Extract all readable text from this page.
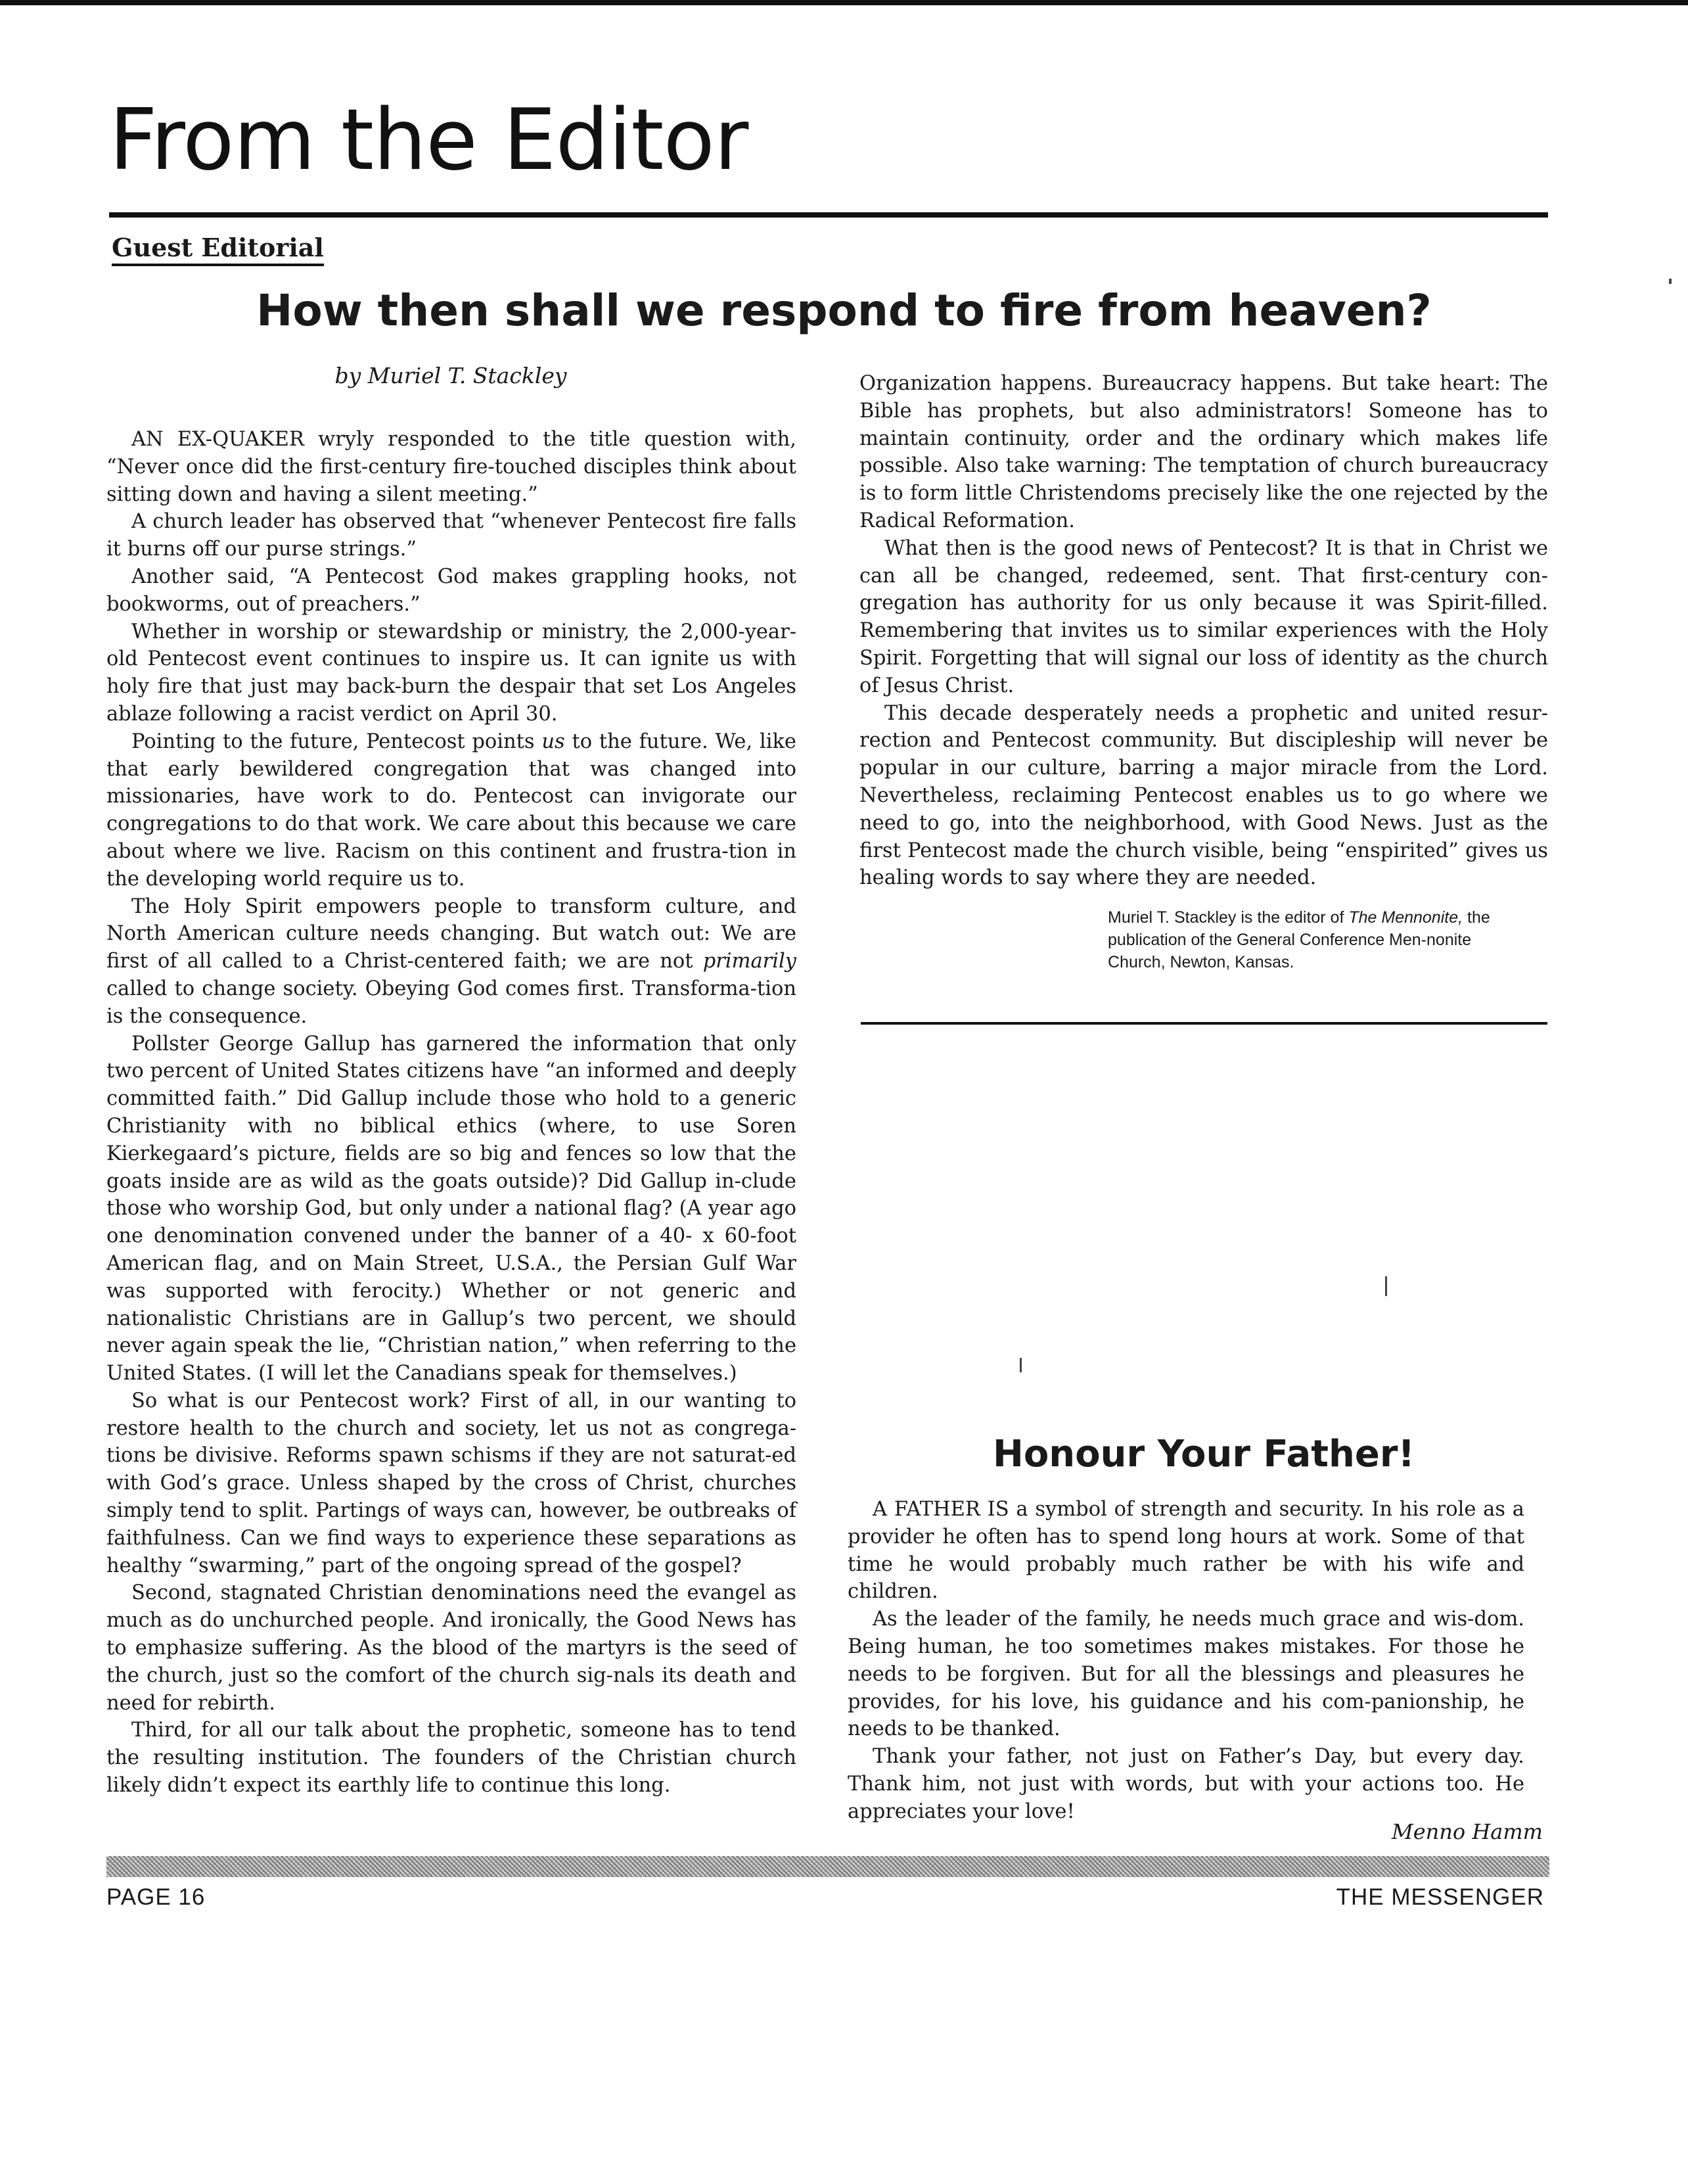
From the Editor
Guest Editorial
How then shall we respond to fire from heaven?
by Muriel T. Stackley

AN EX-QUAKER wryly responded to the title question with, “Never once did the first-century fire-touched disciples think about sitting down and having a silent meeting.”

A church leader has observed that “whenever Pentecost fire falls it burns off our purse strings.”

Another said, “A Pentecost God makes grappling hooks, not bookworms, out of preachers.”

Whether in worship or stewardship or ministry, the 2,000-year-old Pentecost event continues to inspire us. It can ignite us with holy fire that just may back-burn the despair that set Los Angeles ablaze following a racist verdict on April 30.

Pointing to the future, Pentecost points us to the future. We, like that early bewildered congregation that was changed into missionaries, have work to do. Pentecost can invigorate our congregations to do that work. We care about this because we care about where we live. Racism on this continent and frustra-tion in the developing world require us to.

The Holy Spirit empowers people to transform culture, and North American culture needs changing. But watch out: We are first of all called to a Christ-centered faith; we are not primarily called to change society. Obeying God comes first. Transforma-tion is the consequence.

Pollster George Gallup has garnered the information that only two percent of United States citizens have “an informed and deeply committed faith.” Did Gallup include those who hold to a generic Christianity with no biblical ethics (where, to use Soren Kierkegaard’s picture, fields are so big and fences so low that the goats inside are as wild as the goats outside)? Did Gallup in-clude those who worship God, but only under a national flag? (A year ago one denomination convened under the banner of a 40- x 60-foot American flag, and on Main Street, U.S.A., the Persian Gulf War was supported with ferocity.) Whether or not generic and nationalistic Christians are in Gallup’s two percent, we should never again speak the lie, “Christian nation,” when referring to the United States. (I will let the Canadians speak for themselves.)

So what is our Pentecost work? First of all, in our wanting to restore health to the church and society, let us not as congrega-tions be divisive. Reforms spawn schisms if they are not saturat-ed with God’s grace. Unless shaped by the cross of Christ, churches simply tend to split. Partings of ways can, however, be outbreaks of faithfulness. Can we find ways to experience these separations as healthy “swarming,” part of the ongoing spread of the gospel?

Second, stagnated Christian denominations need the evangel as much as do unchurched people. And ironically, the Good News has to emphasize suffering. As the blood of the martyrs is the seed of the church, just so the comfort of the church sig-nals its death and need for rebirth.

Third, for all our talk about the prophetic, someone has to tend the resulting institution. The founders of the Christian church likely didn’t expect its earthly life to continue this long.

Organization happens. Bureaucracy happens. But take heart: The Bible has prophets, but also administrators! Someone has to maintain continuity, order and the ordinary which makes life possible. Also take warning: The temptation of church bureaucracy is to form little Christendoms precisely like the one rejected by the Radical Reformation.

What then is the good news of Pentecost? It is that in Christ we can all be changed, redeemed, sent. That first-century con-gregation has authority for us only because it was Spirit-filled. Remembering that invites us to similar experiences with the Holy Spirit. Forgetting that will signal our loss of identity as the church of Jesus Christ.

This decade desperately needs a prophetic and united resur-rection and Pentecost community. But discipleship will never be popular in our culture, barring a major miracle from the Lord. Nevertheless, reclaiming Pentecost enables us to go where we need to go, into the neighborhood, with Good News. Just as the first Pentecost made the church visible, being “enspirited” gives us healing words to say where they are needed.

Muriel T. Stackley is the editor of The Mennonite, the publication of the General Conference Men-nonite Church, Newton, Kansas.
Honour Your Father!

A FATHER IS a symbol of strength and security. In his role as a provider he often has to spend long hours at work. Some of that time he would probably much rather be with his wife and children.

As the leader of the family, he needs much grace and wis-dom. Being human, he too sometimes makes mistakes. For those he needs to be forgiven. But for all the blessings and pleasures he provides, for his love, his guidance and his com-panionship, he needs to be thanked.

Thank your father, not just on Father’s Day, but every day. Thank him, not just with words, but with your actions too. He appreciates your love!

Menno Hamm
PAGE 16	THE MESSENGER
